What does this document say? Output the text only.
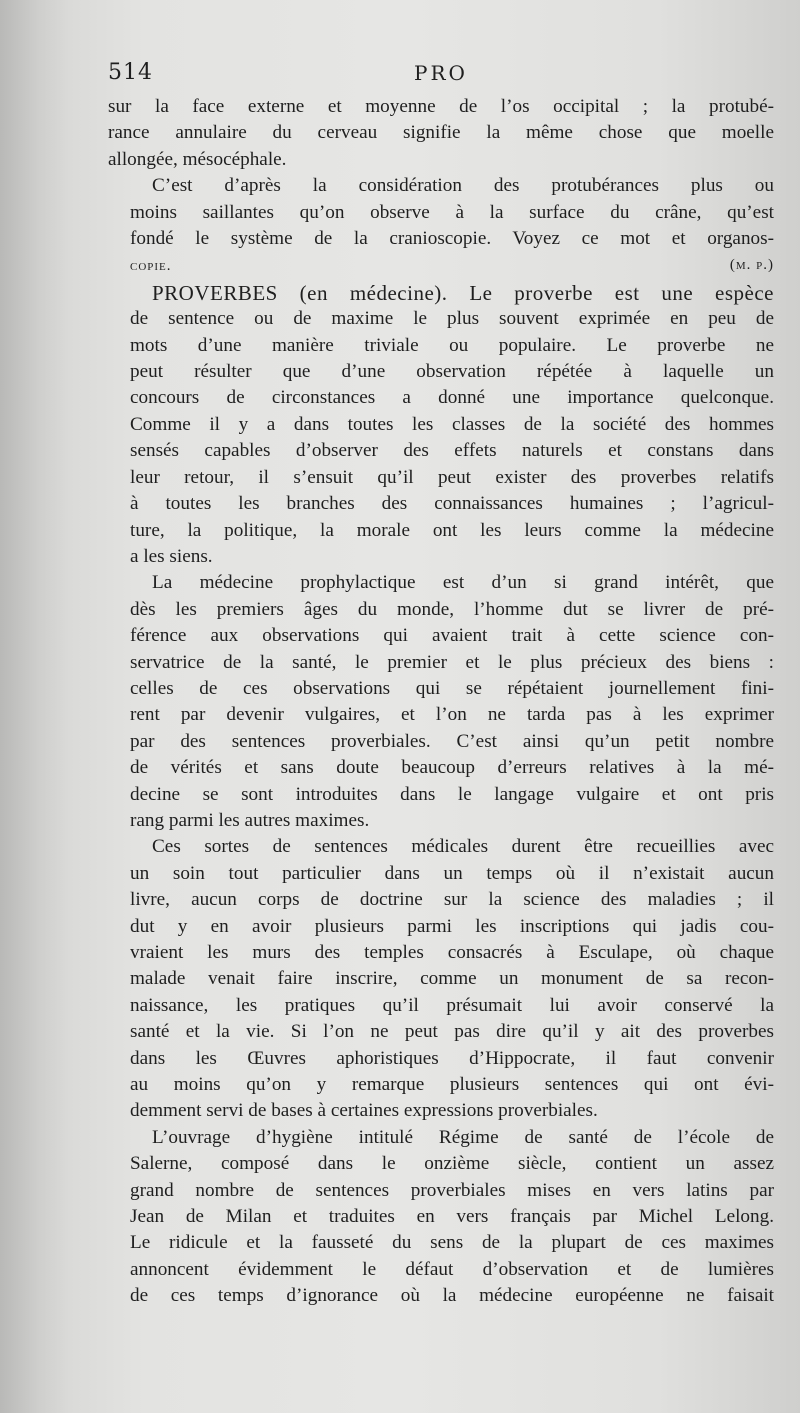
514	PRO

sur la face externe et moyenne de l’os occipital ; la protubé-
rance annulaire du cerveau signifie la même chose que moelle
allongée, mésocéphale.

C’est d’après la considération des protubérances plus ou
moins saillantes qu’on observe à la surface du crâne, qu’est
fondé le système de la cranioscopie. Voyez ce mot et organos-
copie.	(m. p.)

PROVERBES (en médecine). Le proverbe est une espèce
de sentence ou de maxime le plus souvent exprimée en peu de
mots d’une manière triviale ou populaire. Le proverbe ne
peut résulter que d’une observation répétée à laquelle un
concours de circonstances a donné une importance quelconque.
Comme il y a dans toutes les classes de la société des hommes
sensés capables d’observer des effets naturels et constans dans
leur retour, il s’ensuit qu’il peut exister des proverbes relatifs
à toutes les branches des connaissances humaines ; l’agricul-
ture, la politique, la morale ont les leurs comme la médecine
a les siens.

La médecine prophylactique est d’un si grand intérêt, que
dès les premiers âges du monde, l’homme dut se livrer de pré-
férence aux observations qui avaient trait à cette science con-
servatrice de la santé, le premier et le plus précieux des biens :
celles de ces observations qui se répétaient journellement fini-
rent par devenir vulgaires, et l’on ne tarda pas à les exprimer
par des sentences proverbiales. C’est ainsi qu’un petit nombre
de vérités et sans doute beaucoup d’erreurs relatives à la mé-
decine se sont introduites dans le langage vulgaire et ont pris
rang parmi les autres maximes.

Ces sortes de sentences médicales durent être recueillies avec
un soin tout particulier dans un temps où il n’existait aucun
livre, aucun corps de doctrine sur la science des maladies ; il
dut y en avoir plusieurs parmi les inscriptions qui jadis cou-
vraient les murs des temples consacrés à Esculape, où chaque
malade venait faire inscrire, comme un monument de sa recon-
naissance, les pratiques qu’il présumait lui avoir conservé la
santé et la vie. Si l’on ne peut pas dire qu’il y ait des proverbes
dans les Œuvres aphoristiques d’Hippocrate, il faut convenir
au moins qu’on y remarque plusieurs sentences qui ont évi-
demment servi de bases à certaines expressions proverbiales.

L’ouvrage d’hygiène intitulé Régime de santé de l’école de
Salerne, composé dans le onzième siècle, contient un assez
grand nombre de sentences proverbiales mises en vers latins par
Jean de Milan et traduites en vers français par Michel Lelong.
Le ridicule et la fausseté du sens de la plupart de ces maximes
annoncent évidemment le défaut d’observation et de lumières
de ces temps d’ignorance où la médecine européenne ne faisait
